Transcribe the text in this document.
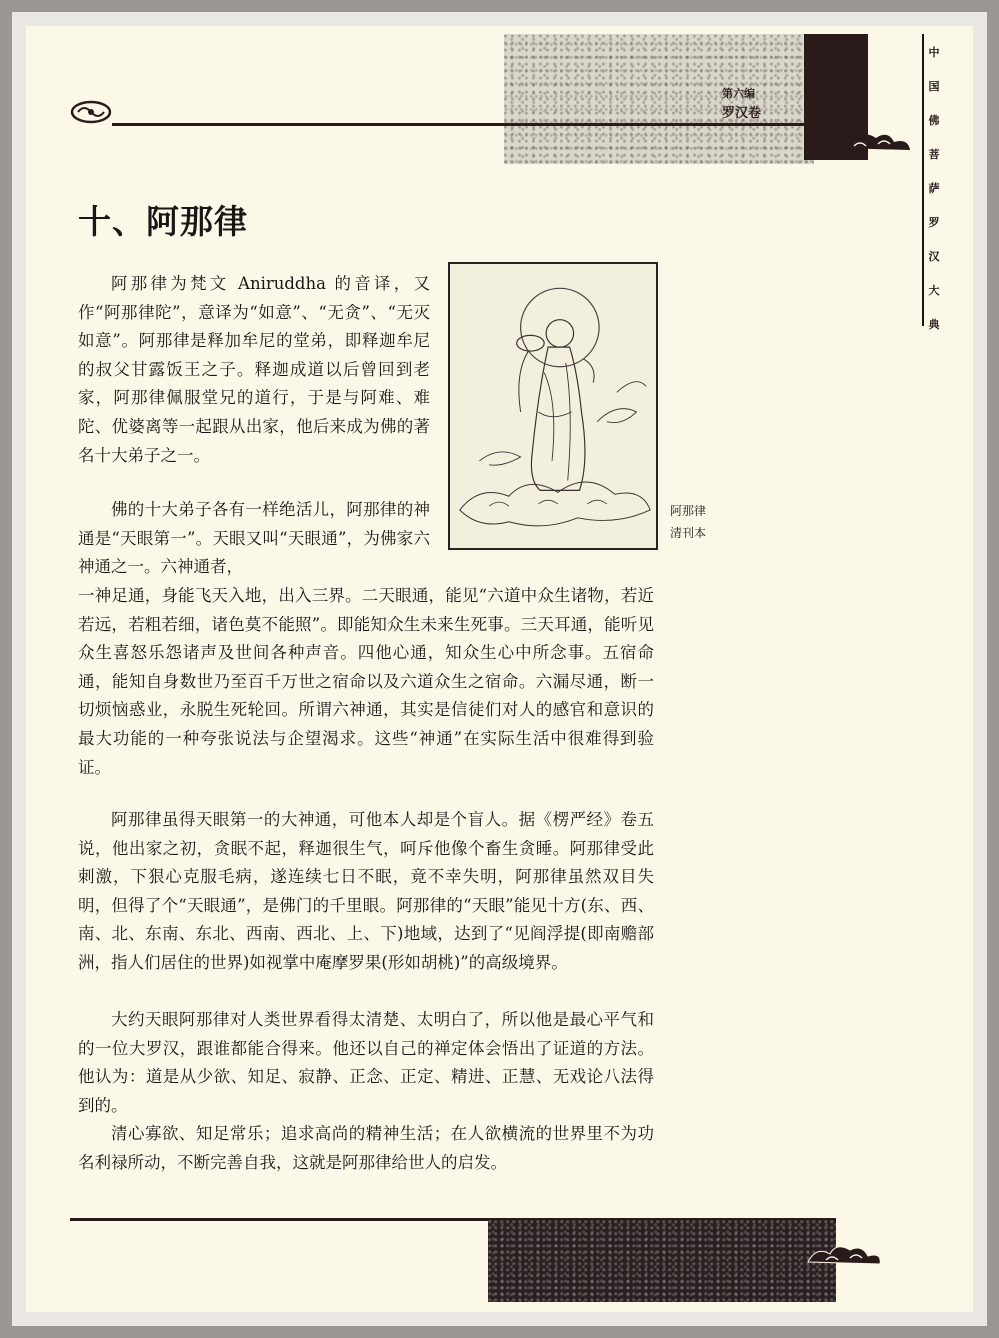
第六编
罗汉卷
中
国
佛
菩
萨
罗
汉
大
典
十、阿那律
阿那律
清刊本

阿那律为梵文 Aniruddha 的音译，又作“阿那律陀”，意译为“如意”、“无贪”、“无灭如意”。阿那律是释加牟尼的堂弟，即释迦牟尼的叔父甘露饭王之子。释迦成道以后曾回到老家，阿那律佩服堂兄的道行，于是与阿难、难陀、优婆离等一起跟从出家，他后来成为佛的著名十大弟子之一。

佛的十大弟子各有一样绝活儿，阿那律的神通是“天眼第一”。天眼又叫“天眼通”，为佛家六神通之一。六神通者，

一神足通，身能飞天入地，出入三界。二天眼通，能见“六道中众生诸物，若近若远，若粗若细，诸色莫不能照”。即能知众生未来生死事。三天耳通，能听见众生喜怒乐怨诸声及世间各种声音。四他心通，知众生心中所念事。五宿命通，能知自身数世乃至百千万世之宿命以及六道众生之宿命。六漏尽通，断一切烦恼惑业，永脱生死轮回。所谓六神通，其实是信徒们对人的感官和意识的最大功能的一种夸张说法与企望渴求。这些“神通”在实际生活中很难得到验证。

阿那律虽得天眼第一的大神通，可他本人却是个盲人。据《楞严经》卷五说，他出家之初，贪眠不起，释迦很生气，呵斥他像个畜生贪睡。阿那律受此刺激，下狠心克服毛病，遂连续七日不眠，竟不幸失明，阿那律虽然双目失明，但得了个“天眼通”，是佛门的千里眼。阿那律的“天眼”能见十方(东、西、南、北、东南、东北、西南、西北、上、下)地域，达到了“见阎浮提(即南赡部洲，指人们居住的世界)如视掌中庵摩罗果(形如胡桃)”的高级境界。

大约天眼阿那律对人类世界看得太清楚、太明白了，所以他是最心平气和的一位大罗汉，跟谁都能合得来。他还以自己的禅定体会悟出了证道的方法。他认为：道是从少欲、知足、寂静、正念、正定、精进、正慧、无戏论八法得到的。

清心寡欲、知足常乐；追求高尚的精神生活；在人欲横流的世界里不为功名利禄所动，不断完善自我，这就是阿那律给世人的启发。
